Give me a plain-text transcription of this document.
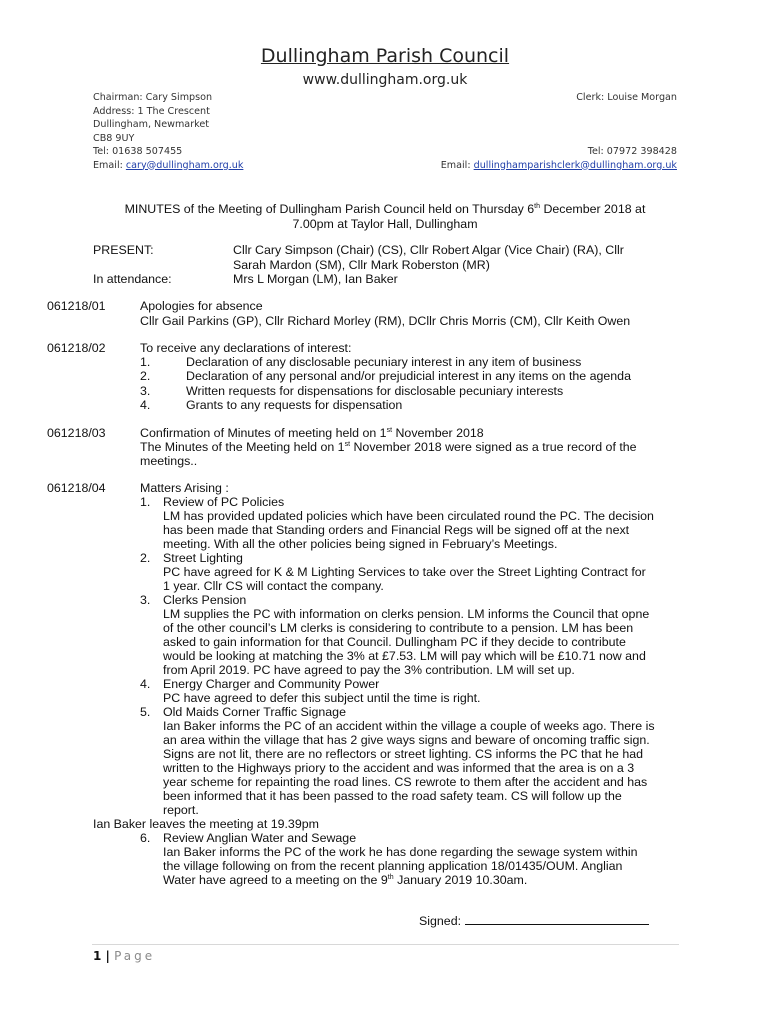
Dullingham Parish Council
www.dullingham.org.uk
Chairman: Cary Simpson
Address: 1 The Crescent
Dullingham, Newmarket
CB8 9UY
Tel: 01638 507455
Email: cary@dullingham.org.uk
Clerk: Louise Morgan
Tel: 07972 398428
Email: dullinghamparishclerk@dullingham.org.uk
MINUTES of the Meeting of Dullingham Parish Council held on Thursday 6th December 2018 at
7.00pm at Taylor Hall, Dullingham
PRESENT:	Cllr Cary Simpson (Chair) (CS), Cllr Robert Algar (Vice Chair) (RA), Cllr
Sarah Mardon (SM), Cllr Mark Roberston (MR)
In attendance:	Mrs L Morgan (LM), Ian Baker
061218/01	Apologies for absence
Cllr Gail Parkins (GP), Cllr Richard Morley (RM), DCllr Chris Morris (CM), Cllr Keith Owen
061218/02	To receive any declarations of interest:
1.	Declaration of any disclosable pecuniary interest in any item of business
2.	Declaration of any personal and/or prejudicial interest in any items on the agenda
3.	Written requests for dispensations for disclosable pecuniary interests
4.	Grants to any requests for dispensation
061218/03	Confirmation of Minutes of meeting held on 1st November 2018
The Minutes of the Meeting held on 1st November 2018 were signed as a true record of the
meetings..
061218/04	Matters Arising :
1. Review of PC Policies
LM has provided updated policies which have been circulated round the PC. The decision
has been made that Standing orders and Financial Regs will be signed off at the next
meeting. With all the other policies being signed in February’s Meetings.
2. Street Lighting
PC have agreed for K & M Lighting Services to take over the Street Lighting Contract for
1 year. Cllr CS will contact the company.
3. Clerks Pension
LM supplies the PC with information on clerks pension. LM informs the Council that opne
of the other council’s LM clerks is considering to contribute to a pension. LM has been
asked to gain information for that Council. Dullingham PC if they decide to contribute
would be looking at matching the 3% at £7.53. LM will pay which will be £10.71 now and
from April 2019. PC have agreed to pay the 3% contribution. LM will set up.
4. Energy Charger and Community Power
PC have agreed to defer this subject until the time is right.
5. Old Maids Corner Traffic Signage
Ian Baker informs the PC of an accident within the village a couple of weeks ago. There is
an area within the village that has 2 give ways signs and beware of oncoming traffic sign.
Signs are not lit, there are no reflectors or street lighting. CS informs the PC that he had
written to the Highways priory to the accident and was informed that the area is on a 3
year scheme for repainting the road lines. CS rewrote to them after the accident and has
been informed that it has been passed to the road safety team. CS will follow up the
report.
Ian Baker leaves the meeting at 19.39pm
6. Review Anglian Water and Sewage
Ian Baker informs the PC of the work he has done regarding the sewage system within
the village following on from the recent planning application 18/01435/OUM. Anglian
Water have agreed to a meeting on the 9th January 2019 10.30am.
Signed:
1 | Page
